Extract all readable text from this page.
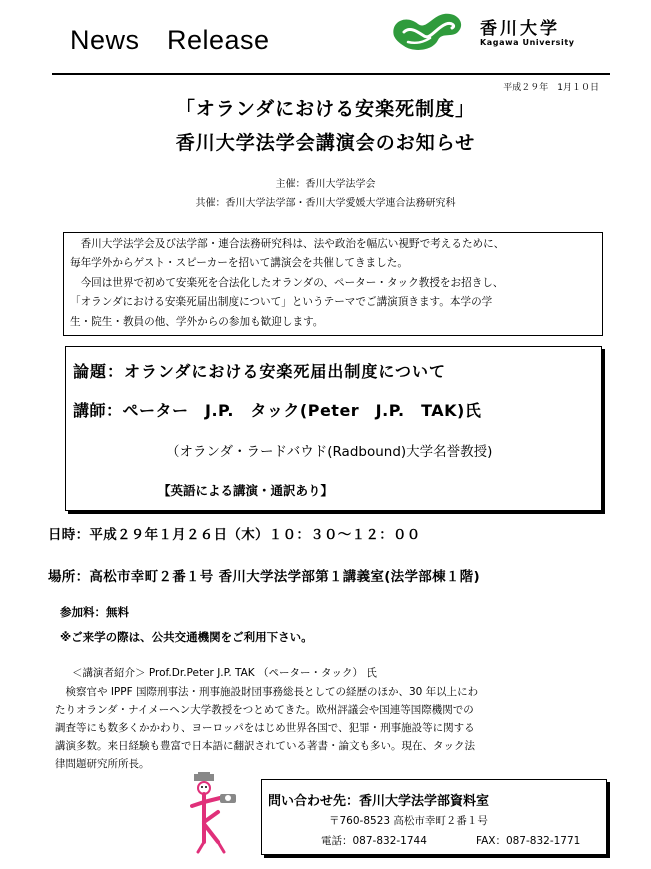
News　Release	香川大学
Kagawa University
平成２９年　1月１０日
「オランダにおける安楽死制度」
香川大学法学会講演会のお知らせ
主催：香川大学法学会
共催：香川大学法学部・香川大学愛媛大学連合法務研究科

　香川大学法学会及び法学部・連合法務研究科は、法や政治を幅広い視野で考えるために、

毎年学外からゲスト・スピーカーを招いて講演会を共催してきました。

　今回は世界で初めて安楽死を合法化したオランダの、ペーター・タック教授をお招きし、

「オランダにおける安楽死届出制度について」というテーマでご講演頂きます。本学の学

生・院生・教員の他、学外からの参加も歓迎します。

論題：オランダにおける安楽死届出制度について
講師：ペーター　J.P.　タック(Peter　J.P.　TAK)氏
（オランダ・ラードバウド(Radbound)大学名誉教授)
【英語による講演・通訳あり】
日時：平成２９年１月２６日（木）１０：３０～１２：００
場所：高松市幸町２番１号 香川大学法学部第１講義室(法学部棟１階)
参加料：無料
※ご来学の際は、公共交通機関をご利用下さい。
＜講演者紹介＞ Prof.Dr.Peter J.P. TAK （ペーター・タック） 氏

　検察官や IPPF 国際刑事法・刑事施設財団事務総長としての経歴のほか、30 年以上にわ

たりオランダ・ナイメーヘン大学教授をつとめてきた。欧州評議会や国連等国際機関での

調査等にも数多くかかわり、ヨーロッパをはじめ世界各国で、犯罪・刑事施設等に関する

講演多数。来日経験も豊富で日本語に翻訳されている著書・論文も多い。現在、タック法

律問題研究所所長。

問い合わせ先：香川大学法学部資料室
〒760-8523 高松市幸町２番１号
電話：087-832-1744	FAX：087-832-1771
